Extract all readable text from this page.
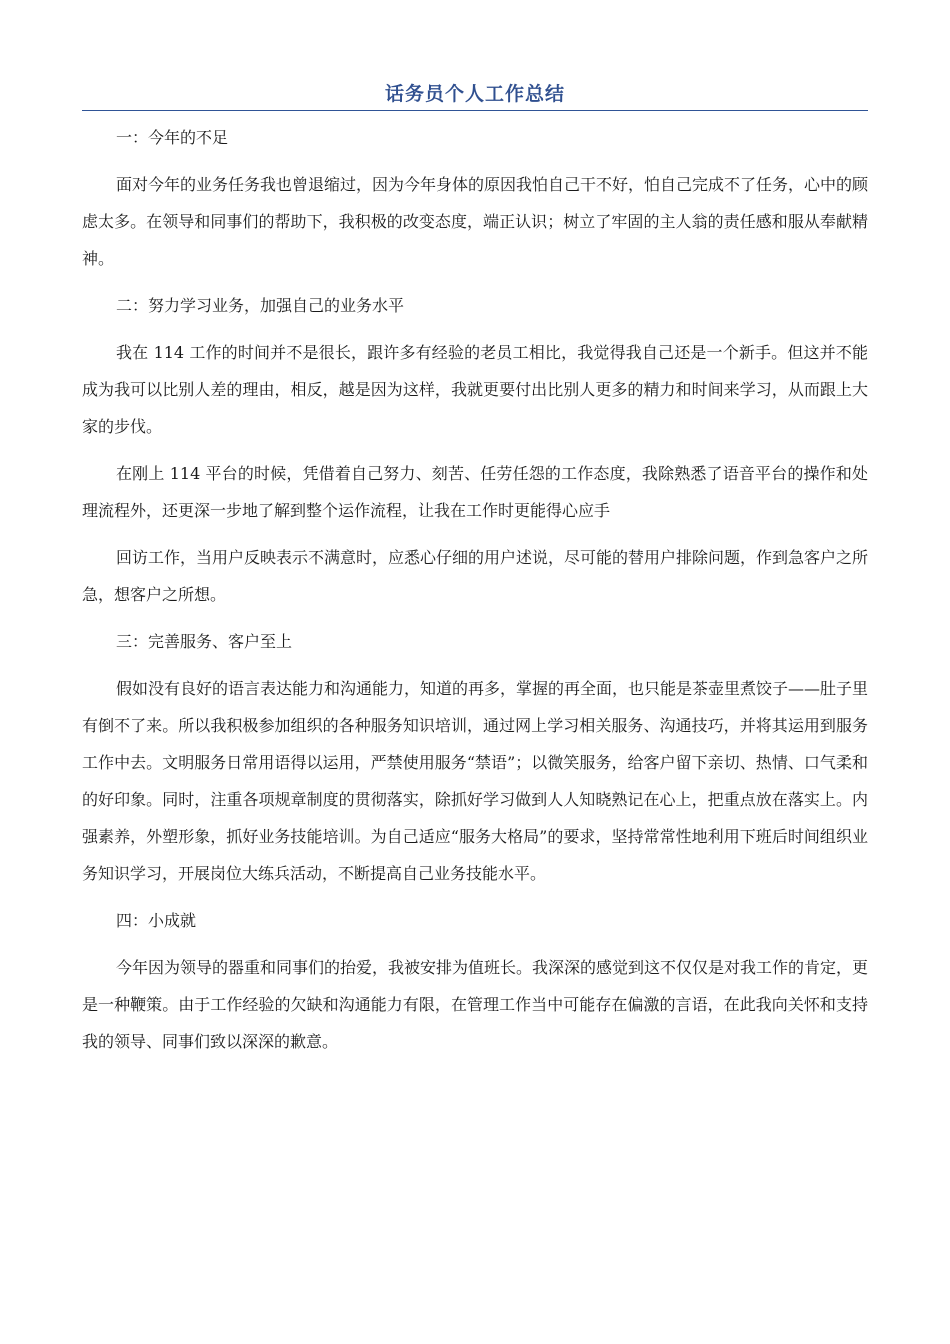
话务员个人工作总结

一：今年的不足

面对今年的业务任务我也曾退缩过，因为今年身体的原因我怕自己干不好，怕自己完成不了任务，心中的顾虑太多。在领导和同事们的帮助下，我积极的改变态度，端正认识；树立了牢固的主人翁的责任感和服从奉献精神。

二：努力学习业务，加强自己的业务水平

我在 114 工作的时间并不是很长，跟许多有经验的老员工相比，我觉得我自己还是一个新手。但这并不能成为我可以比别人差的理由，相反，越是因为这样，我就更要付出比别人更多的精力和时间来学习，从而跟上大家的步伐。

在刚上 114 平台的时候，凭借着自己努力、刻苦、任劳任怨的工作态度，我除熟悉了语音平台的操作和处理流程外，还更深一步地了解到整个运作流程，让我在工作时更能得心应手

回访工作，当用户反映表示不满意时，应悉心仔细的用户述说，尽可能的替用户排除问题，作到急客户之所急，想客户之所想。

三：完善服务、客户至上

假如没有良好的语言表达能力和沟通能力，知道的再多，掌握的再全面，也只能是茶壶里煮饺子——肚子里有倒不了来。所以我积极参加组织的各种服务知识培训，通过网上学习相关服务、沟通技巧，并将其运用到服务工作中去。文明服务日常用语得以运用，严禁使用服务“禁语”；以微笑服务，给客户留下亲切、热情、口气柔和的好印象。同时，注重各项规章制度的贯彻落实，除抓好学习做到人人知晓熟记在心上，把重点放在落实上。内强素养，外塑形象，抓好业务技能培训。为自己适应“服务大格局”的要求，坚持常常性地利用下班后时间组织业务知识学习，开展岗位大练兵活动，不断提高自己业务技能水平。

四：小成就

今年因为领导的器重和同事们的抬爱，我被安排为值班长。我深深的感觉到这不仅仅是对我工作的肯定，更是一种鞭策。由于工作经验的欠缺和沟通能力有限，在管理工作当中可能存在偏激的言语，在此我向关怀和支持我的领导、同事们致以深深的歉意。
